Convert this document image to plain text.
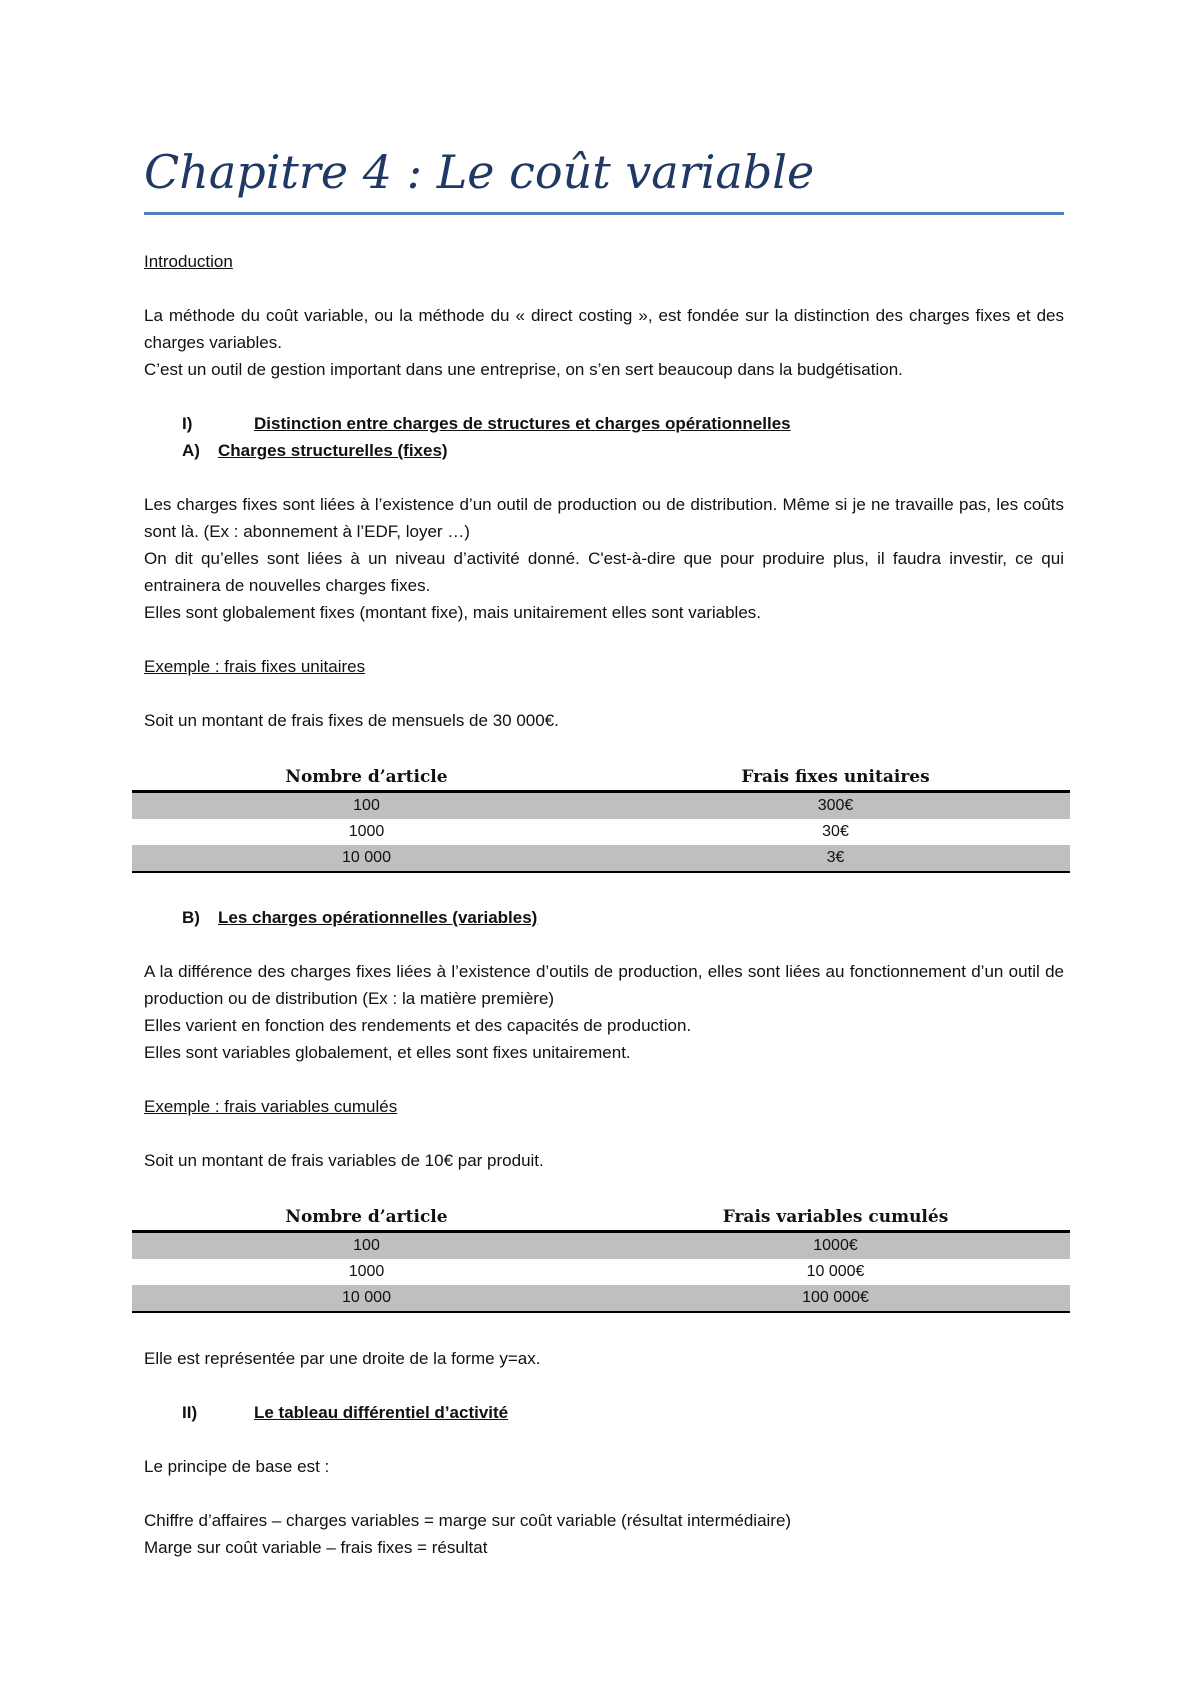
Chapitre 4 : Le coût variable

Introduction

La méthode du coût variable, ou la méthode du « direct costing », est fondée sur la distinction des charges fixes et des charges variables.

C’est un outil de gestion important dans une entreprise, on s’en sert beaucoup dans la budgétisation.

I)	Distinction entre charges de structures et charges opérationnelles
A) Charges structurelles (fixes)

Les charges fixes sont liées à l’existence d’un outil de production ou de distribution. Même si je ne travaille pas, les coûts sont là. (Ex : abonnement à l’EDF, loyer …)

On dit qu’elles sont liées à un niveau d’activité donné. C'est-à-dire que pour produire plus, il faudra investir, ce qui entrainera de nouvelles charges fixes.

Elles sont globalement fixes (montant fixe), mais unitairement elles sont variables.

Exemple : frais fixes unitaires

Soit un montant de frais fixes de mensuels de 30 000€.

Nombre d’article	Frais fixes unitaires
100	300€
1000	30€
10 000	3€
B) Les charges opérationnelles (variables)

A la différence des charges fixes liées à l’existence d’outils de production, elles sont liées au fonctionnement d’un outil de production ou de distribution (Ex : la matière première)

Elles varient en fonction des rendements et des capacités de production.

Elles sont variables globalement, et elles sont fixes unitairement.

Exemple : frais variables cumulés

Soit un montant de frais variables de 10€ par produit.

Nombre d’article	Frais variables cumulés
100	1000€
1000	10 000€
10 000	100 000€

Elle est représentée par une droite de la forme y=ax.

II)	Le tableau différentiel d’activité

Le principe de base est :

Chiffre d’affaires – charges variables = marge sur coût variable (résultat intermédiaire)

Marge sur coût variable – frais fixes = résultat
